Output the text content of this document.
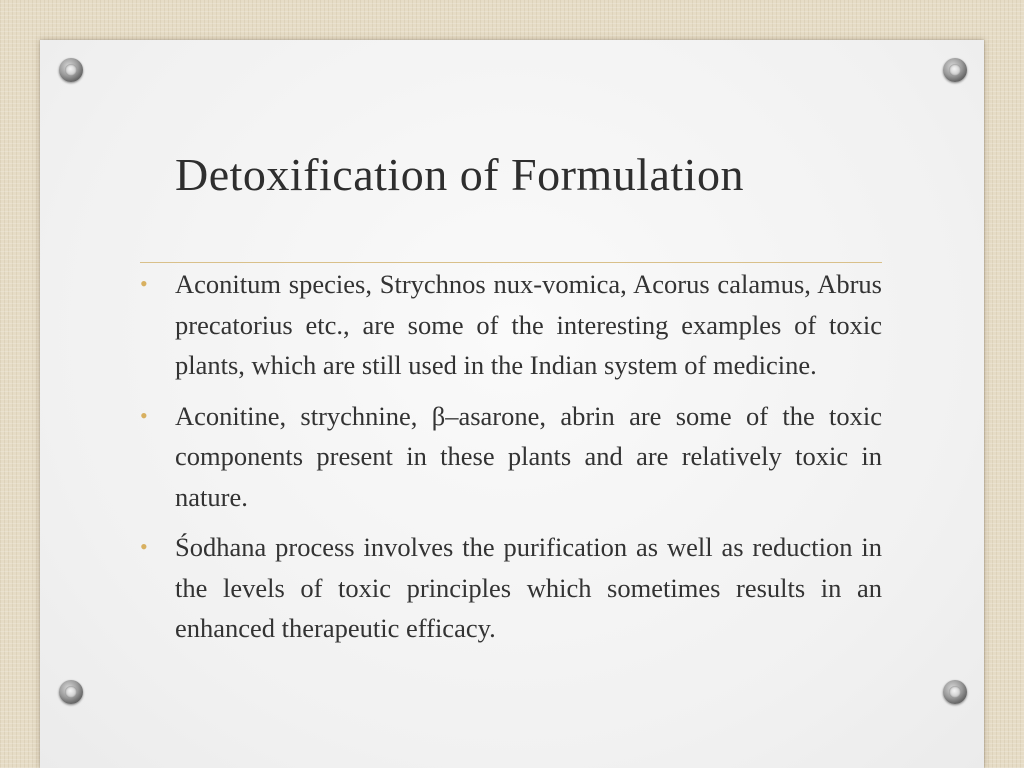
Detoxification of Formulation
• Aconitum species, Strychnos nux-vomica, Acorus calamus, Abrus precatorius etc., are some of the interesting examples of toxic plants, which are still used in the Indian system of medicine.
• Aconitine, strychnine, β–asarone, abrin are some of the toxic components present in these plants and are relatively toxic in nature.
• Śodhana process involves the purification as well as reduction in the levels of toxic principles which sometimes results in an enhanced therapeutic efficacy.
